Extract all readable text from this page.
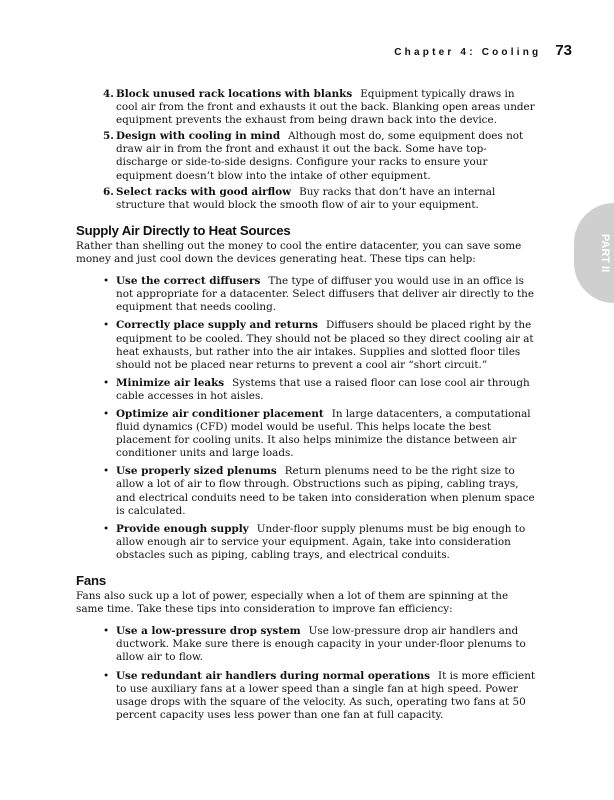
Chapter 4: Cooling 73
PART II
4. Block unused rack locations with blanks Equipment typically draws in cool air from the front and exhausts it out the back. Blanking open areas under equipment prevents the exhaust from being drawn back into the device.
5. Design with cooling in mind Although most do, some equipment does not draw air in from the front and exhaust it out the back. Some have top-discharge or side-to-side designs. Configure your racks to ensure your equipment doesn’t blow into the intake of other equipment.
6. Select racks with good airflow Buy racks that don’t have an internal structure that would block the smooth flow of air to your equipment.
Supply Air Directly to Heat Sources

Rather than shelling out the money to cool the entire datacenter, you can save some money and just cool down the devices generating heat. These tips can help:

• Use the correct diffusers The type of diffuser you would use in an office is not appropriate for a datacenter. Select diffusers that deliver air directly to the equipment that needs cooling.
• Correctly place supply and returns Diffusers should be placed right by the equipment to be cooled. They should not be placed so they direct cooling air at heat exhausts, but rather into the air intakes. Supplies and slotted floor tiles should not be placed near returns to prevent a cool air “short circuit.”
• Minimize air leaks Systems that use a raised floor can lose cool air through cable accesses in hot aisles.
• Optimize air conditioner placement In large datacenters, a computational fluid dynamics (CFD) model would be useful. This helps locate the best placement for cooling units. It also helps minimize the distance between air conditioner units and large loads.
• Use properly sized plenums Return plenums need to be the right size to allow a lot of air to flow through. Obstructions such as piping, cabling trays, and electrical conduits need to be taken into consideration when plenum space is calculated.
• Provide enough supply Under-floor supply plenums must be big enough to allow enough air to service your equipment. Again, take into consideration obstacles such as piping, cabling trays, and electrical conduits.
Fans

Fans also suck up a lot of power, especially when a lot of them are spinning at the same time. Take these tips into consideration to improve fan efficiency:

• Use a low-pressure drop system Use low-pressure drop air handlers and ductwork. Make sure there is enough capacity in your under-floor plenums to allow air to flow.
• Use redundant air handlers during normal operations It is more efficient to use auxiliary fans at a lower speed than a single fan at high speed. Power usage drops with the square of the velocity. As such, operating two fans at 50 percent capacity uses less power than one fan at full capacity.
